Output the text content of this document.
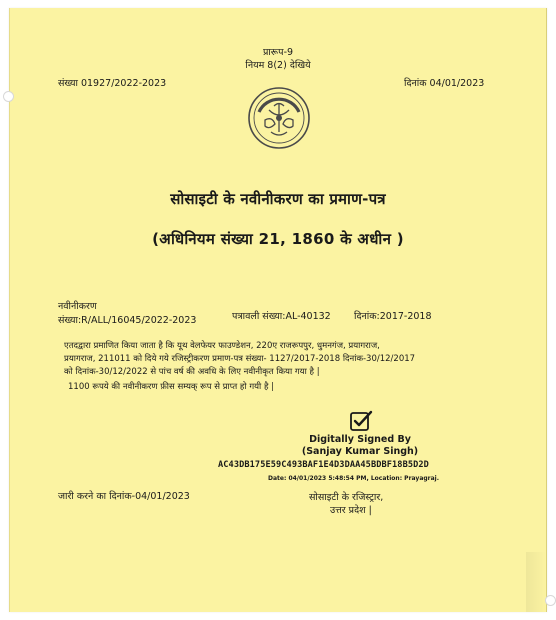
प्रारूप-9
नियम 8(2) देखिये
संख्या 01927/2022-2023	दिनांक 04/01/2023
सोसाइटी के नवीनीकरण का प्रमाण-पत्र
(अधिनियम संख्या 21, 1860 के अधीन )
नवीनीकरण
संख्या:R/ALL/16045/2022-2023	पत्रावली संख्या:AL-40132 दिनांक:2017-2018
एतदद्वारा प्रमाणित किया जाता है कि यूथ वेलफेयर फाउण्डेशन, 220ए राजरूपपुर, धुमनगंज, प्रयागराज,
प्रयागराज, 211011 को दिये गये रजिस्ट्रीकरण प्रमाण-पत्र संख्या- 1127/2017-2018 दिनांक-30/12/2017
को दिनांक-30/12/2022 से पांच वर्ष की अवधि के लिए नवीनीकृत किया गया है |
1100 रूपये की नवीनीकरण फ़ीस सम्यक् रूप से प्राप्त हो गयी है |
Digitally Signed By
(Sanjay Kumar Singh)
AC43DB175E59C493BAF1E4D3DAA45BDBF18B5D2D
Date: 04/01/2023 5:48:54 PM, Location: Prayagraj.
सोसाइटी के रजिस्ट्रार,
उत्तर प्रदेश |
जारी करने का दिनांक-04/01/2023
